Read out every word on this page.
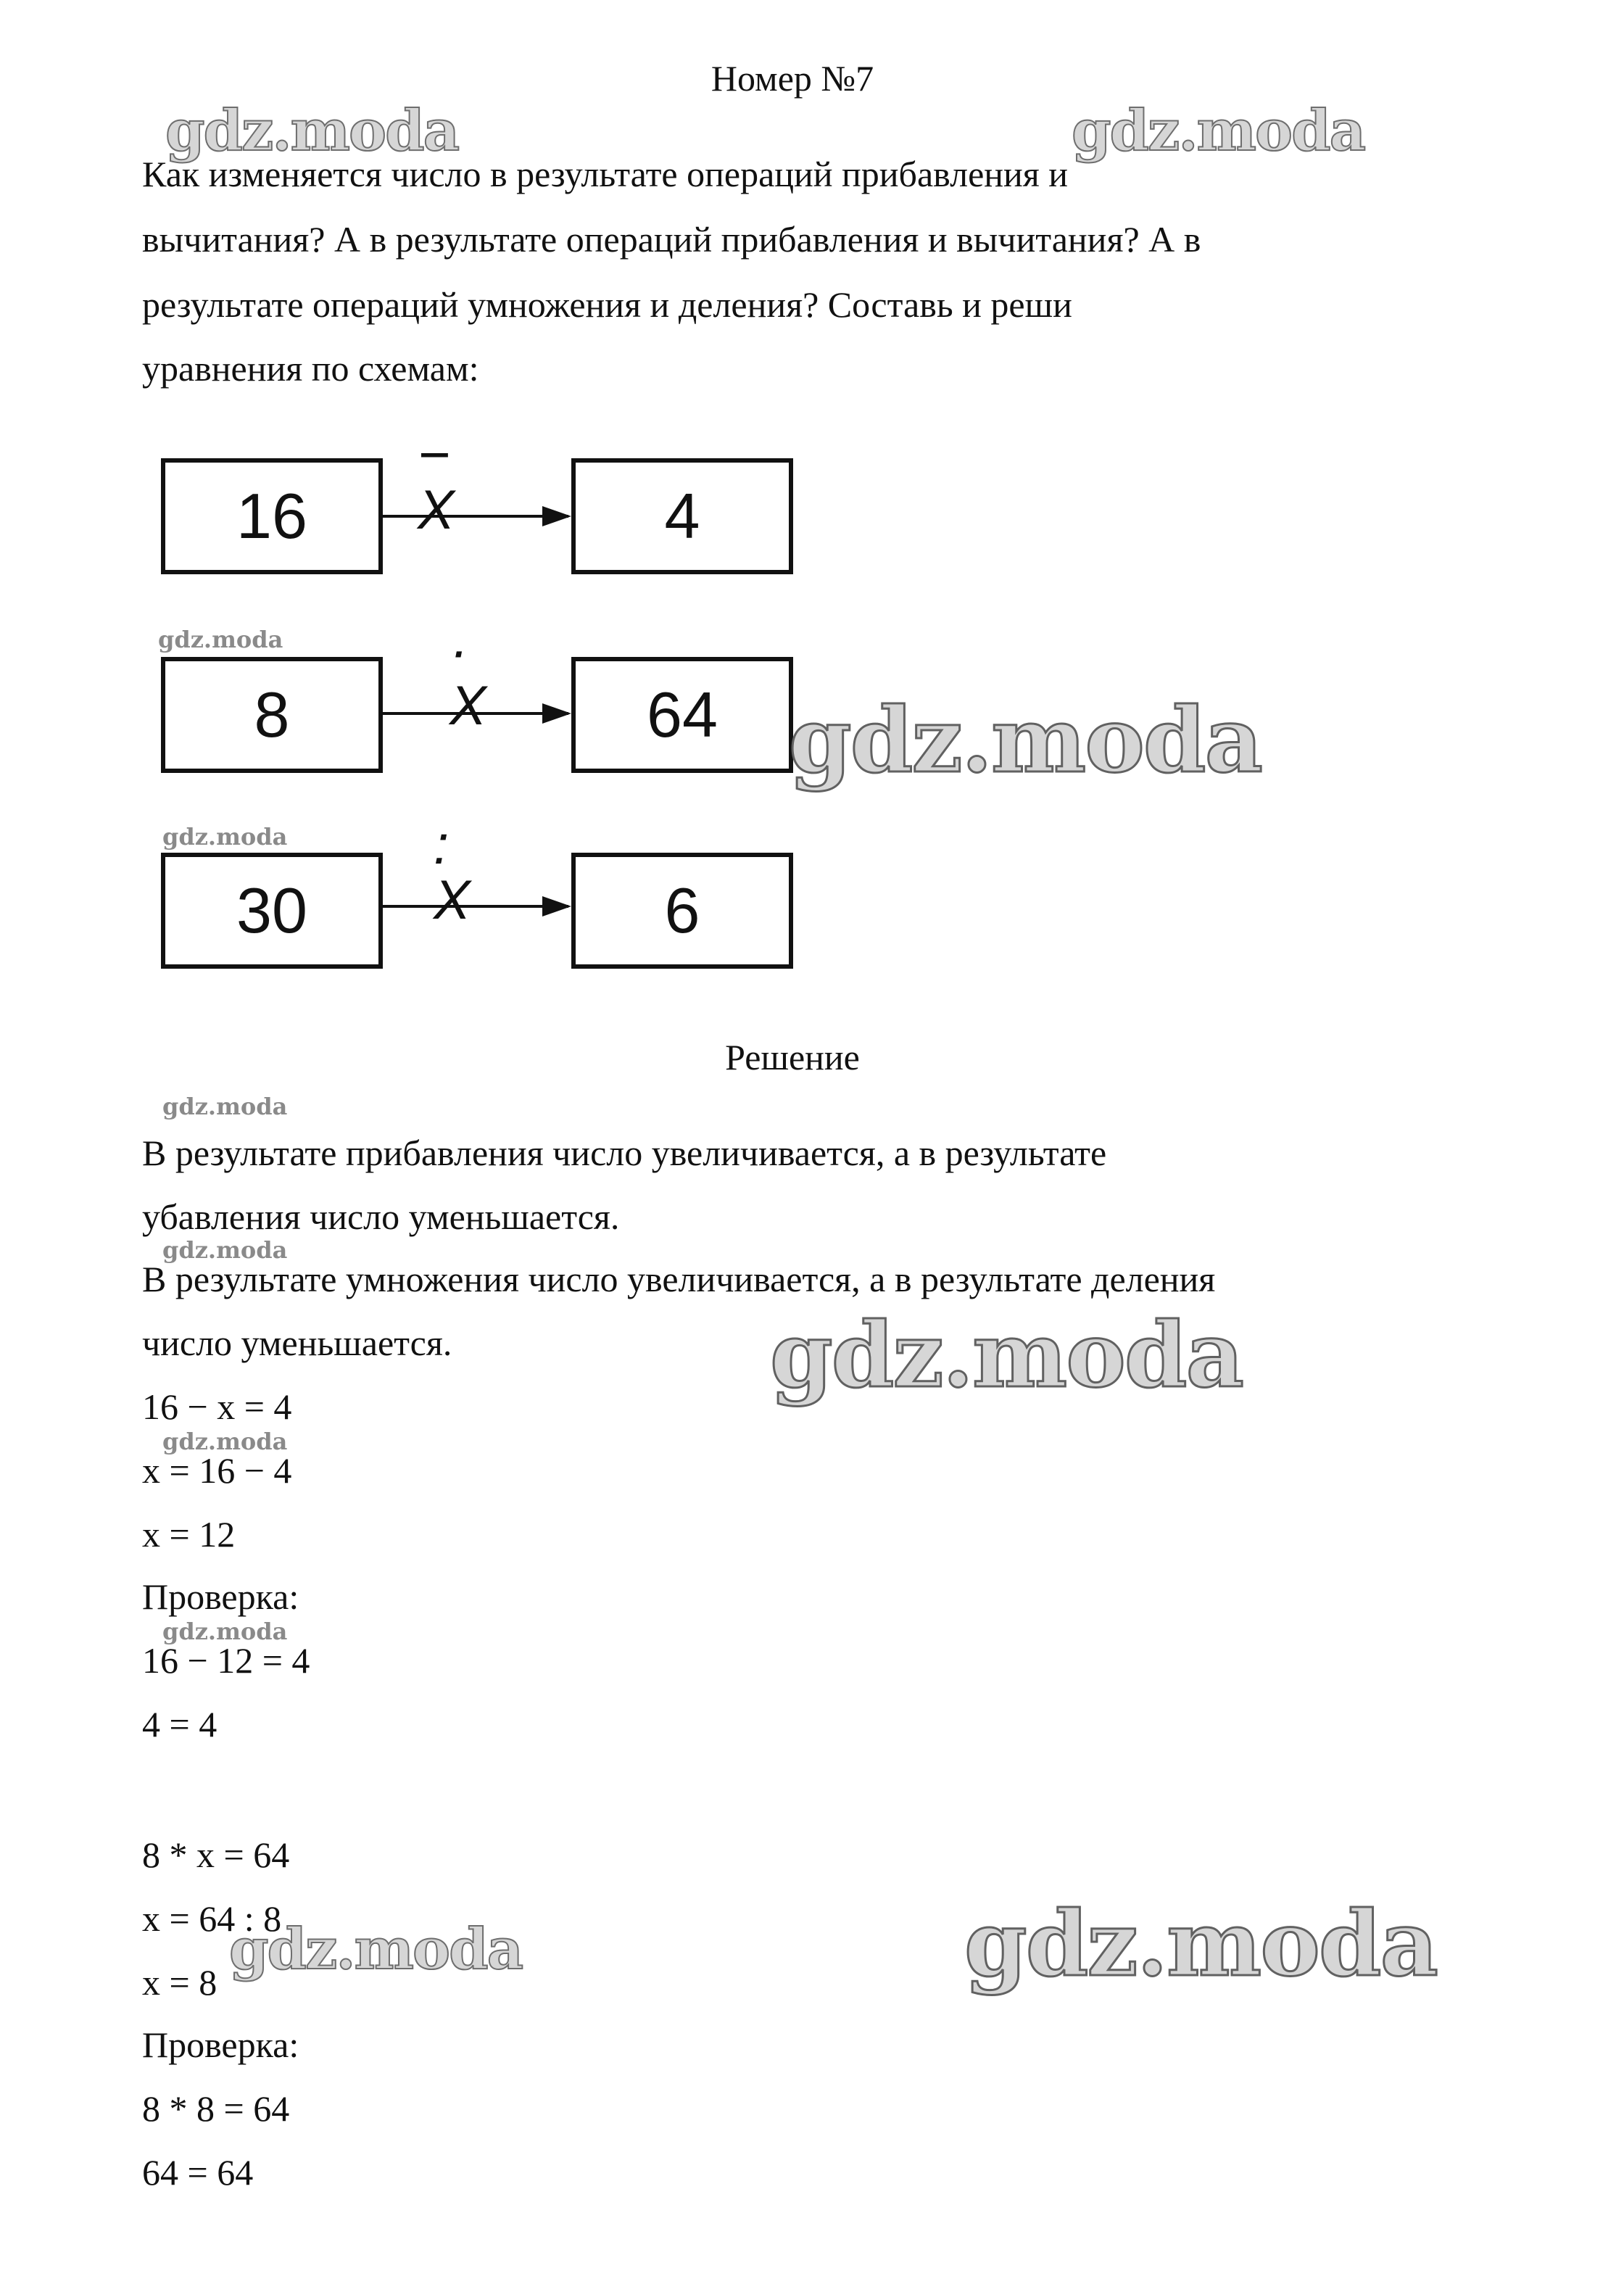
Номер №7
Как изменяется число в результате операций прибавления и
вычитания? А в результате операций прибавления и вычитания? А в
результате операций умножения и деления? Составь и реши
уравнения по схемам:
16
− X	4
8
· X	64
30
: X	6
Решение
В результате прибавления число увеличивается, а в результате
убавления число уменьшается.
В результате умножения число увеличивается, а в результате деления
число уменьшается.
16 − x = 4
x = 16 − 4
x = 12
Проверка:
16 − 12 = 4
4 = 4
8 * x = 64
x = 64 : 8
x = 8
Проверка:
8 * 8 = 64
64 = 64
gdz.moda	gdz.moda
gdz.moda
gdz.moda
gdz.moda
gdz.moda
gdz.moda
gdz.moda
gdz.moda
gdz.moda
gdz.moda	gdz.moda
